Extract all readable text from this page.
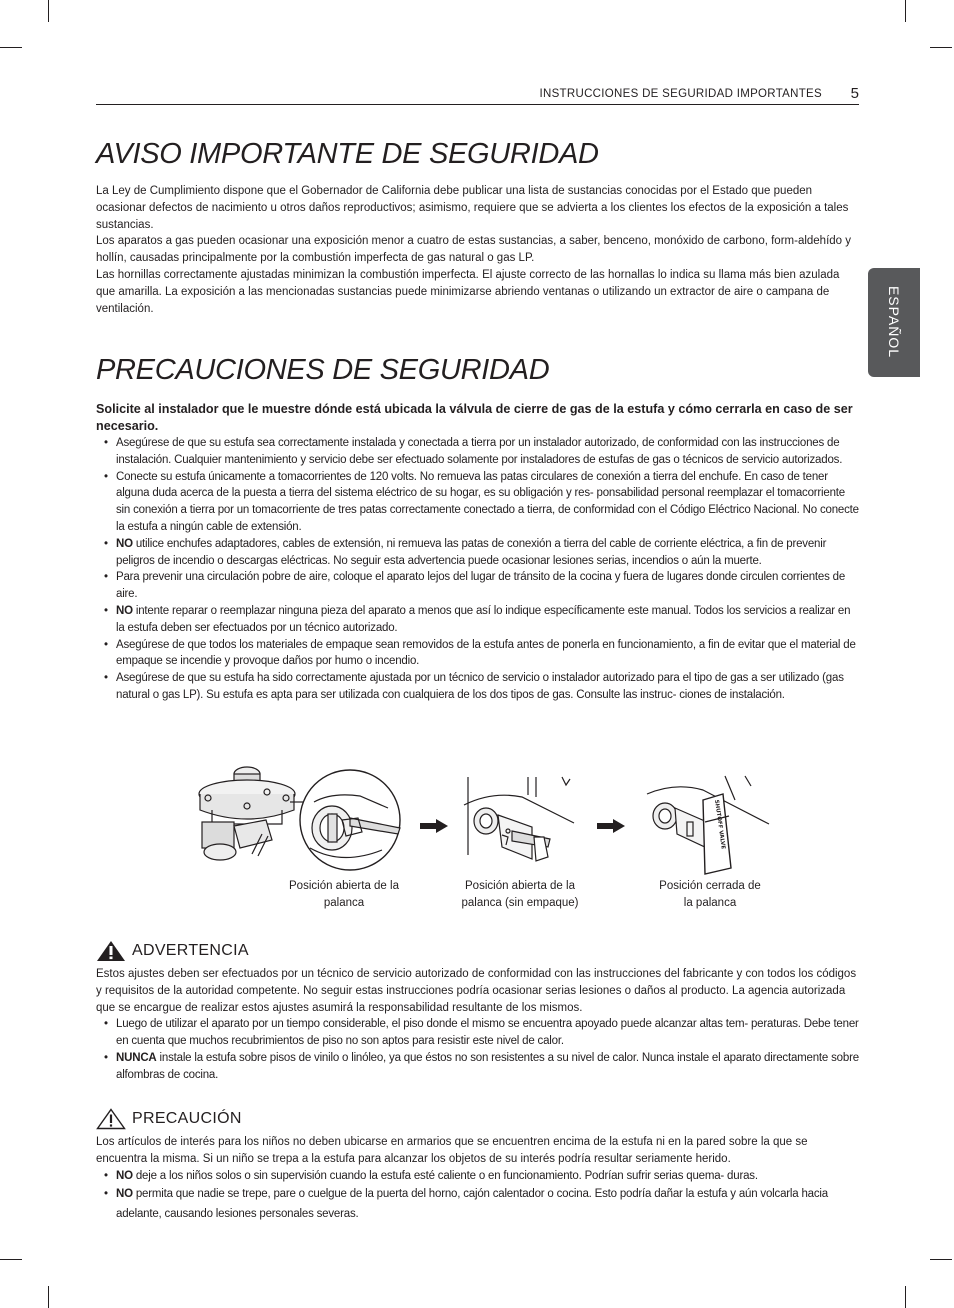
INSTRUCCIONES DE SEGURIDAD IMPORTANTES 5
ESPAÑOL
AVISO IMPORTANTE DE SEGURIDAD

La Ley de Cumplimiento dispone que el Gobernador de California debe publicar una lista de sustancias conocidas por el Estado que pueden ocasionar defectos de nacimiento u otros daños reproductivos; asimismo, requiere que se advierta a los clientes los efectos de la exposición a tales sustancias.

Los aparatos a gas pueden ocasionar una exposición menor a cuatro de estas sustancias, a saber, benceno, monóxido de carbono, form-aldehído y hollín, causadas principalmente por la combustión imperfecta de gas natural o gas LP.

Las hornillas correctamente ajustadas minimizan la combustión imperfecta. El ajuste correcto de las hornallas lo indica su llama más bien azulada que amarilla. La exposición a las mencionadas sustancias puede minimizarse abriendo ventanas o utilizando un extractor de aire o campana de ventilación.

PRECAUCIONES DE SEGURIDAD

Solicite al instalador que le muestre dónde está ubicada la válvula de cierre de gas de la estufa y cómo cerrarla en caso de ser necesario.

• Asegúrese de que su estufa sea correctamente instalada y conectada a tierra por un instalador autorizado, de conformidad con las instrucciones de instalación. Cualquier mantenimiento y servicio debe ser efectuado solamente por instaladores de estufas de gas o técnicos de servicio autorizados.
• Conecte su estufa únicamente a tomacorrientes de 120 volts. No remueva las patas circulares de conexión a tierra del enchufe. En caso de tener alguna duda acerca de la puesta a tierra del sistema eléctrico de su hogar, es su obligación y res- ponsabilidad personal reemplazar el tomacorriente sin conexión a tierra por un tomacorriente de tres patas correctamente conectado a tierra, de conformidad con el Código Eléctrico Nacional. No conecte la estufa a ningún cable de extensión.
• NO utilice enchufes adaptadores, cables de extensión, ni remueva las patas de conexión a tierra del cable de corriente eléctrica, a fin de prevenir peligros de incendio o descargas eléctricas. No seguir esta advertencia puede ocasionar lesiones serias, incendios o aún la muerte.
• Para prevenir una circulación pobre de aire, coloque el aparato lejos del lugar de tránsito de la cocina y fuera de lugares donde circulen corrientes de aire.
• NO intente reparar o reemplazar ninguna pieza del aparato a menos que así lo indique específicamente este manual. Todos los servicios a realizar en la estufa deben ser efectuados por un técnico autorizado.
• Asegúrese de que todos los materiales de empaque sean removidos de la estufa antes de ponerla en funcionamiento, a fin de evitar que el material de empaque se incendie y provoque daños por humo o incendio.
• Asegúrese de que su estufa ha sido correctamente ajustada por un técnico de servicio o instalador autorizado para el tipo de gas a ser utilizado (gas natural o gas LP). Su estufa es apta para ser utilizada con cualquiera de los dos tipos de gas. Consulte las instruc- ciones de instalación.
SHUTOFF VALVE
Posición abierta de la palanca
Posición abierta de la palanca (sin empaque)
Posición cerrada de la palanca
ADVERTENCIA

Estos ajustes deben ser efectuados por un técnico de servicio autorizado de conformidad con las instrucciones del fabricante y con todos los códigos y requisitos de la autoridad competente. No seguir estas instrucciones podría ocasionar serias lesiones o daños al producto. La agencia autorizada que se encargue de realizar estos ajustes asumirá la responsabilidad resultante de los mismos.

• Luego de utilizar el aparato por un tiempo considerable, el piso donde el mismo se encuentra apoyado puede alcanzar altas tem- peraturas. Debe tener en cuenta que muchos recubrimientos de piso no son aptos para resistir este nivel de calor.
• NUNCA instale la estufa sobre pisos de vinilo o linóleo, ya que éstos no son resistentes a su nivel de calor. Nunca instale el aparato directamente sobre alfombras de cocina.
PRECAUCIÓN

Los artículos de interés para los niños no deben ubicarse en armarios que se encuentren encima de la estufa ni en la pared sobre la que se encuentra la misma. Si un niño se trepa a la estufa para alcanzar los objetos de su interés podría resultar seriamente herido.

• NO deje a los niños solos o sin supervisión cuando la estufa esté caliente o en funcionamiento. Podrían sufrir serias quema- duras.
• NO permita que nadie se trepe, pare o cuelgue de la puerta del horno, cajón calentador o cocina. Esto podría dañar la estufa y aún volcarla hacia adelante, causando lesiones personales severas.
